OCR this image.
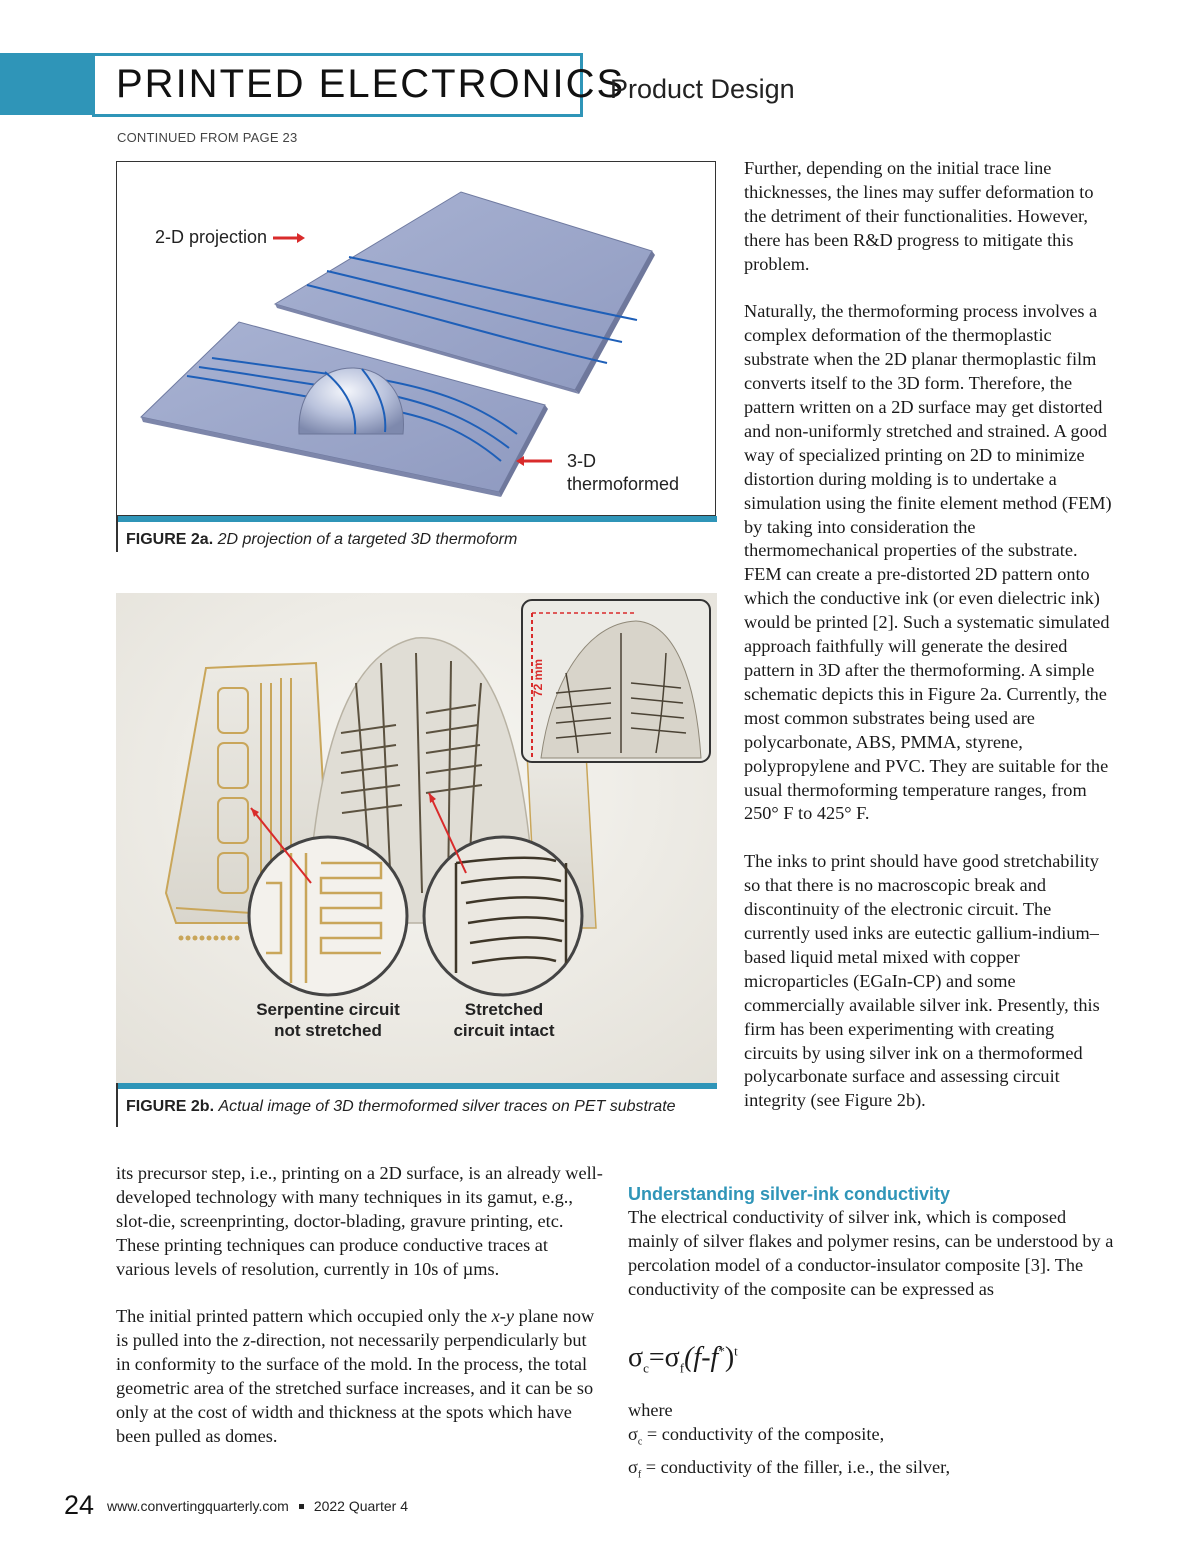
PRINTED ELECTRONICS
Product Design
CONTINUED FROM PAGE 23
2-D projection
3-D
thermoformed
FIGURE 2a. 2D projection of a targeted 3D thermoform
72 mm
Serpentine circuit
not stretched
Stretched
circuit intact
FIGURE 2b. Actual image of 3D thermoformed silver traces on PET substrate

Further, depending on the initial trace line thicknesses, the lines may suffer deformation to the detriment of their functionalities. However, there has been R&D progress to mitigate this problem.

Naturally, the thermoforming process involves a complex deformation of the thermoplastic substrate when the 2D planar thermoplastic film converts itself to the 3D form. Therefore, the pattern written on a 2D surface may get distorted and non-uniformly stretched and strained. A good way of specialized printing on 2D to minimize distortion during molding is to undertake a simulation using the finite element method (FEM) by taking into consideration the thermomechanical properties of the substrate. FEM can create a pre-distorted 2D pattern onto which the conductive ink (or even dielectric ink) would be printed [2]. Such a systematic simulated approach faithfully will generate the desired pattern in 3D after the thermoforming. A simple schematic depicts this in Figure 2a. Currently, the most common substrates being used are polycarbonate, ABS, PMMA, styrene, polypropylene and PVC. They are suitable for the usual thermoforming temperature ranges, from 250° F to 425° F.

The inks to print should have good stretchability so that there is no macroscopic break and discontinuity of the electronic circuit. The currently used inks are eutectic gallium-indium–based liquid metal mixed with copper microparticles (EGaIn-CP) and some commercially available silver ink. Presently, this firm has been experimenting with creating circuits by using silver ink on a thermoformed polycarbonate surface and assessing circuit integrity (see Figure 2b).

its precursor step, i.e., printing on a 2D surface, is an already well-developed technology with many techniques in its gamut, e.g., slot-die, screenprinting, doctor-blading, gravure printing, etc. These printing techniques can produce conductive traces at various levels of resolution, currently in 10s of µms.

The initial printed pattern which occupied only the x-y plane now is pulled into the z-direction, not necessarily perpendicularly but in conformity to the surface of the mold. In the process, the total geometric area of the stretched surface increases, and it can be so only at the cost of width and thickness at the spots which have been pulled as domes.

Understanding silver-ink conductivity

The electrical conductivity of silver ink, which is composed mainly of silver flakes and polymer resins, can be understood by a percolation model of a conductor-insulator composite [3]. The conductivity of the composite can be expressed as

$\sigma_c=\sigma_f(f-f^*)^t$
where
$\sigma_c$ = conductivity of the composite,
$\sigma_f$ = conductivity of the filler, i.e., the silver,
24 www.convertingquarterly.com 2022 Quarter 4
